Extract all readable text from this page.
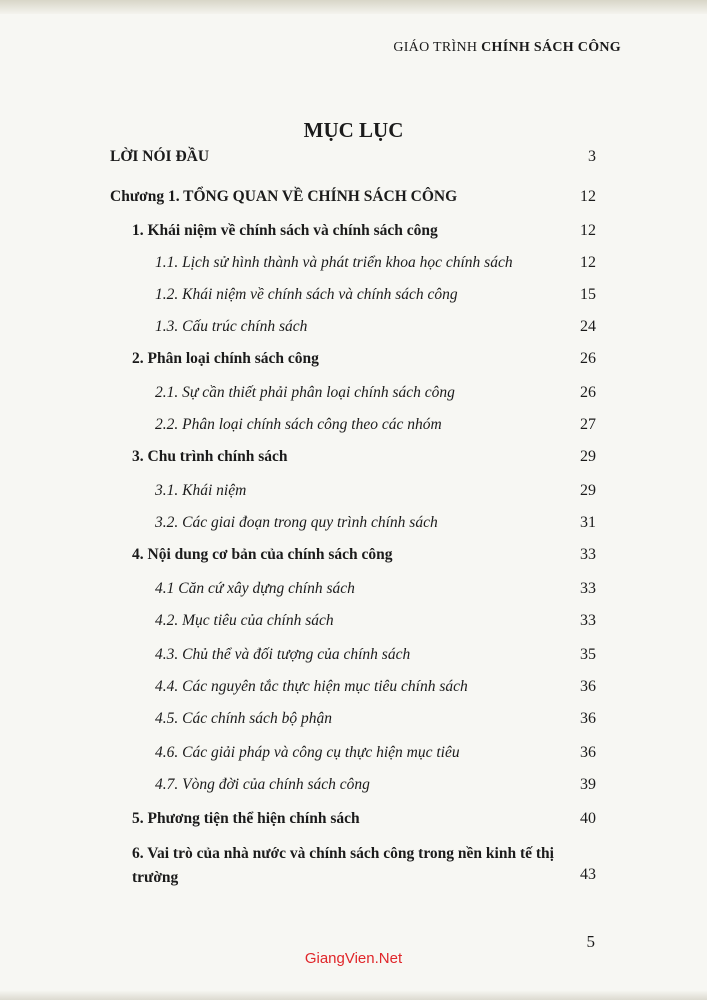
GIÁO TRÌNH CHÍNH SÁCH CÔNG
MỤC LỤC
LỜI NÓI ĐẦU	3
Chương 1. TỔNG QUAN VỀ CHÍNH SÁCH CÔNG	12
1. Khái niệm về chính sách và chính sách công	12
1.1. Lịch sử hình thành và phát triển khoa học chính sách	12
1.2. Khái niệm về chính sách và chính sách công	15
1.3. Cấu trúc chính sách	24
2. Phân loại chính sách công	26
2.1. Sự cần thiết phải phân loại chính sách công	26
2.2. Phân loại chính sách công theo các nhóm	27
3. Chu trình chính sách	29
3.1. Khái niệm	29
3.2. Các giai đoạn trong quy trình chính sách	31
4. Nội dung cơ bản của chính sách công	33
4.1 Căn cứ xây dựng chính sách	33
4.2. Mục tiêu của chính sách	33
4.3. Chủ thể và đối tượng của chính sách	35
4.4. Các nguyên tắc thực hiện mục tiêu chính sách	36
4.5. Các chính sách bộ phận	36
4.6. Các giải pháp và công cụ thực hiện mục tiêu	36
4.7. Vòng đời của chính sách công	39
5. Phương tiện thể hiện chính sách	40
6. Vai trò của nhà nước và chính sách công trong nền kinh tế thị trường	43
5
GiangVien.Net
